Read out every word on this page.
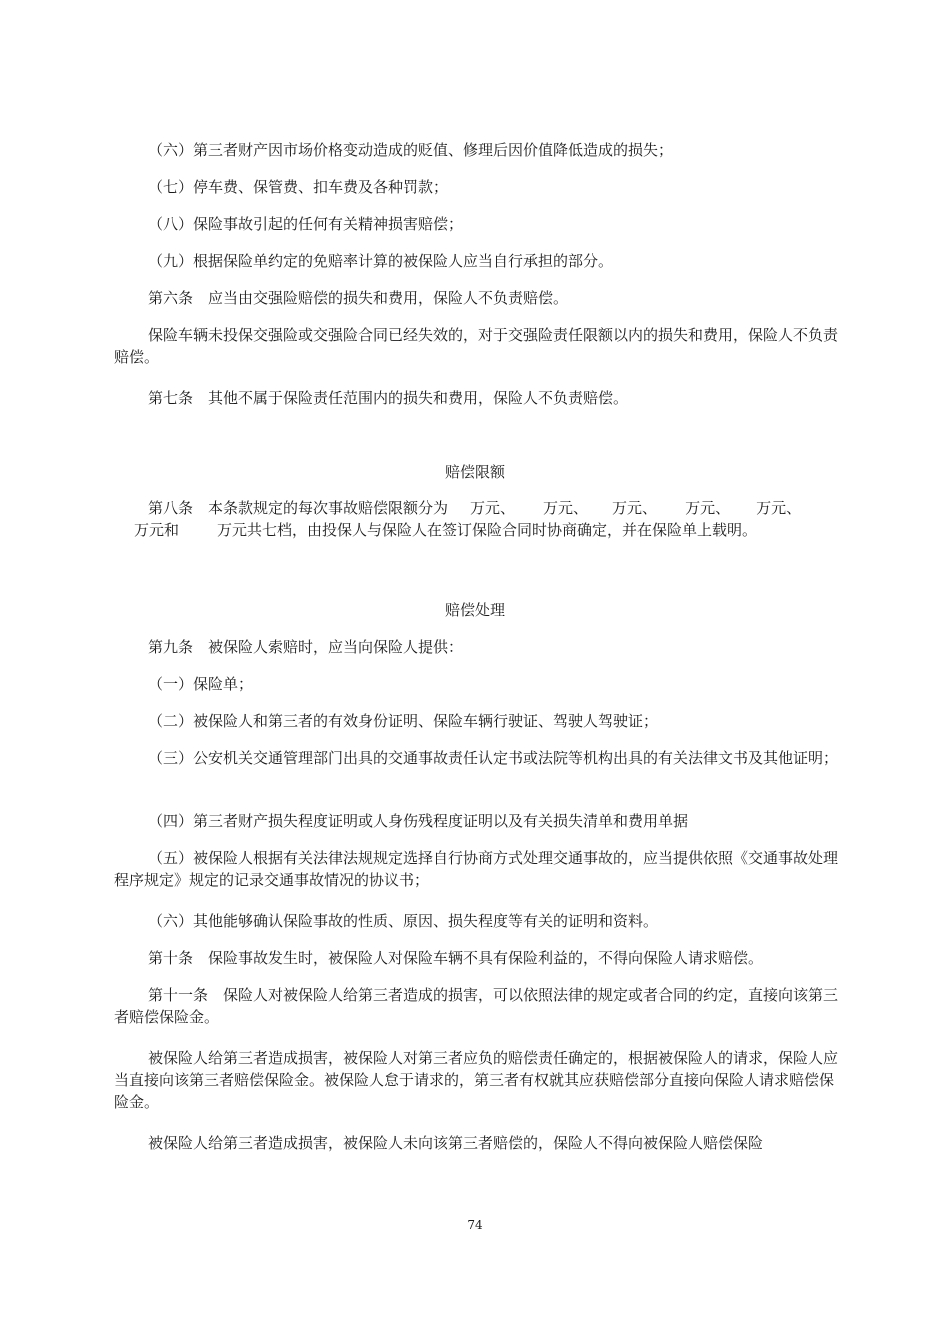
（六）第三者财产因市场价格变动造成的贬值、修理后因价值降低造成的损失；

（七）停车费、保管费、扣车费及各种罚款；

（八）保险事故引起的任何有关精神损害赔偿；

（九）根据保险单约定的免赔率计算的被保险人应当自行承担的部分。

第六条　应当由交强险赔偿的损失和费用，保险人不负责赔偿。

保险车辆未投保交强险或交强险合同已经失效的，对于交强险责任限额以内的损失和费用，保险人不负责赔偿。

第七条　其他不属于保险责任范围内的损失和费用，保险人不负责赔偿。

赔偿限额

第八条　本条款规定的每次事故赔偿限额分为 万元、 万元、 万元、 万元、 万元、
万元和	万元共七档，由投保人与保险人在签订保险合同时协商确定，并在保险单上载明。

赔偿处理

第九条　被保险人索赔时，应当向保险人提供：

（一）保险单；

（二）被保险人和第三者的有效身份证明、保险车辆行驶证、驾驶人驾驶证；

（三）公安机关交通管理部门出具的交通事故责任认定书或法院等机构出具的有关法律文书及其他证明；

（四）第三者财产损失程度证明或人身伤残程度证明以及有关损失清单和费用单据

（五）被保险人根据有关法律法规规定选择自行协商方式处理交通事故的，应当提供依照《交通事故处理程序规定》规定的记录交通事故情况的协议书；

（六）其他能够确认保险事故的性质、原因、损失程度等有关的证明和资料。

第十条　保险事故发生时，被保险人对保险车辆不具有保险利益的，不得向保险人请求赔偿。

第十一条　保险人对被保险人给第三者造成的损害，可以依照法律的规定或者合同的约定，直接向该第三者赔偿保险金。

被保险人给第三者造成损害，被保险人对第三者应负的赔偿责任确定的，根据被保险人的请求，保险人应当直接向该第三者赔偿保险金。被保险人怠于请求的，第三者有权就其应获赔偿部分直接向保险人请求赔偿保险金。

被保险人给第三者造成损害，被保险人未向该第三者赔偿的，保险人不得向被保险人赔偿保险

74
